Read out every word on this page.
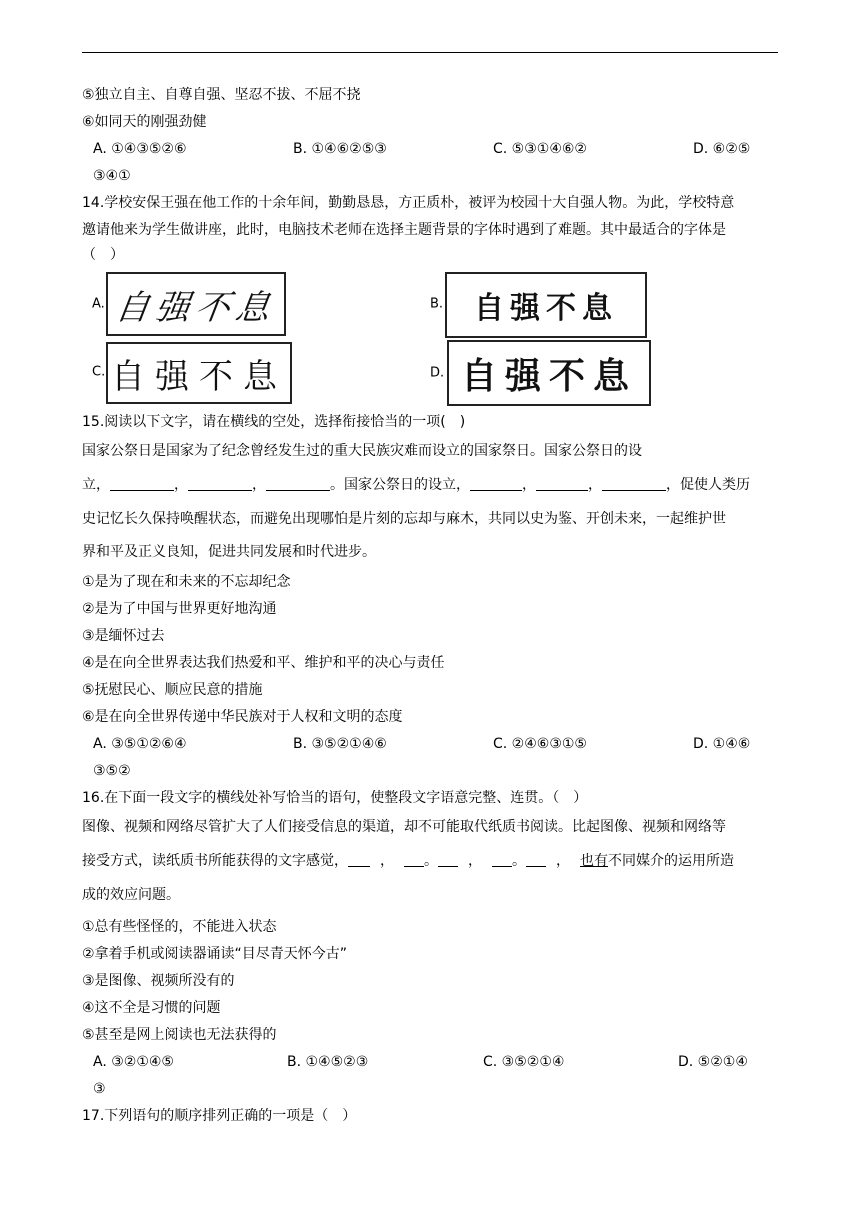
⑤独立自主、自尊自强、坚忍不拔、不屈不挠
⑥如同天的刚强劲健
A. ①④③⑤②⑥	B. ①④⑥②⑤③	C. ⑤③①④⑥②	D. ⑥②⑤
③④①
14.学校安保王强在他工作的十余年间，勤勤恳恳，方正质朴，被评为校园十大自强人物。为此，学校特意
邀请他来为学生做讲座，此时，电脑技术老师在选择主题背景的字体时遇到了难题。其中最适合的字体是
（　）
A. 自强不息	B. 自强不息
C. 自强不息	D. 自强不息
15.阅读以下文字，请在横线的空处，选择衔接恰当的一项(　)
国家公祭日是国家为了纪念曾经发生过的重大民族灾难而设立的国家祭日。国家公祭日的设
立，	，	，	。国家公祭日的设立，	，	，	，促使人类历
史记忆长久保持唤醒状态，而避免出现哪怕是片刻的忘却与麻木，共同以史为鉴、开创未来，一起维护世
界和平及正义良知，促进共同发展和时代进步。
①是为了现在和未来的不忘却纪念
②是为了中国与世界更好地沟通
③是缅怀过去
④是在向全世界表达我们热爱和平、维护和平的决心与责任
⑤抚慰民心、顺应民意的措施
⑥是在向全世界传递中华民族对于人权和文明的态度
A. ③⑤①②⑥④	B. ③⑤②①④⑥	C. ②④⑥③①⑤	D. ①④⑥
③⑤②
16.在下面一段文字的横线处补写恰当的语句，使整段文字语意完整、连贯。（　）
图像、视频和网络尽管扩大了人们接受信息的渠道，却不可能取代纸质书阅读。比起图像、视频和网络等
接受方式，读纸质书所能获得的文字感觉， ， 。 ， 。 ， 也有不同媒介的运用所造
成的效应问题。
①总有些怪怪的，不能进入状态
②拿着手机或阅读器诵读“目尽青天怀今古”
③是图像、视频所没有的
④这不全是习惯的问题
⑤甚至是网上阅读也无法获得的
A. ③②①④⑤	B. ①④⑤②③	C. ③⑤②①④	D. ⑤②①④
③
17.下列语句的顺序排列正确的一项是（　）
